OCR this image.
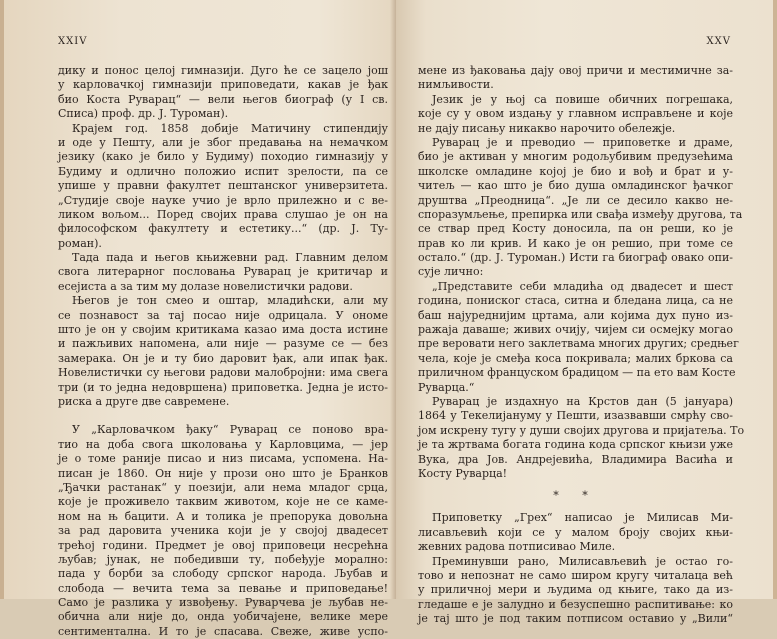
XXIV
дику и понос целој гимназији. Дуго ће се зацело још
у карловачкој гимназији приповедати, какав је ђак
био Коста Руварац“ — вели његов биограф (у I св.
Списа) проф. др. Ј. Туроман).
Крајем год. 1858 добије Матичину стипендију
и оде у Пешту, али је због предавања на немачком
језику (како је било у Будиму) походио гимназију у
Будиму и одлично положио испит зрелости, па се
упише у правни факултет пештанског универзитета.
„Студије своје науке учио је врло прилежно и с ве-
ликом вољом... Поред својих права слушао је он на
философском факултету и естетику...“ (др. Ј. Ту-
роман).
Тада пада и његов књижевни рад. Главним делом
свога литерарног пословања Руварац је критичар и
есејиста а за тим му долазе новелистички радови.
Његов је тон смео и оштар, младићски, али му
се познавост за тај посао није одрицала. У ономе
што је он у својим критикама казао има доста истине
и пажљивих напомена, али није — разуме се — без
замерака. Он је и ту био даровит ђак, али ипак ђак.
Новелистички су његови радови малобројни: има свега
три (и то једна недовршена) приповетка. Једна је исто-
риска а друге две савремене.
У „Карловачком ђаку“ Руварац се поново вра-
тио на доба свога школовања у Карловцима, — јер
је о томе раније писао и низ писама, успомена. На-
писан је 1860. Он није у прози оно што је Бранков
„Ђачки растанак“ у поезији, али нема младог срца,
које је проживело таквим животом, које не се каме-
ном на њ бацити. А и толика је препорука довољна
за рад даровита ученика који је у својој двадесет
трећој години. Предмет је овој приповеци несрећна
љубав; јунак, не победивши ту, побеђује морално:
пада у борби за слободу српског народа. Љубав и
слобода — вечита тема за певање и приповедање!
Само је разлика у извођењу. Руварчева је љубав не-
обична али није до, онда уобичајене, велике мере
сентиментална. И то је спасава. Свеже, живе успо-
XXV
мене из ђаковања дају овој причи и местимичне за-
нимљивости.
Језик је у њој са повише обичних погрешака,
које су у овом издању у главном исправљене и које
не дају писању никакво нарочито обележје.
Руварац је и преводио — приповетке и драме,
био је активан у многим родољубивим предузећима
школске омладине којој је био и вођ и брат и у-
читељ — као што је био душа омладинског ђачког
друштва „Преодница“. „Је ли се десило какво не-
споразумљење, препирка или свађа између другова, та
се ствар пред Косту доносила, па он реши, ко је
прав ко ли крив. И како је он решио, при томе се
остало.“ (др. Ј. Туроман.) Исти га биограф овако опи-
сује лично:
„Представите себи младића од двадесет и шест
година, пониског стаса, ситна и бледана лица, са не
баш најуреднијим цртама, али којима дух пуно из-
ражаја даваше; живих очију, чијем си осмејку могао
пре веровати него заклетвама многих других; средњег
чела, које је смеђа коса покривала; малих бркова са
приличном француском брадицом — па ето вам Косте
Руварца.“
Руварац је издахнуо на Крстов дан (5 јануара)
1864 у Текелијануму у Пешти, изазвавши смрћу сво-
јом искрену тугу у души својих другова и пријатеља. То
је та жртвама богата година кода српског књизи уже
Вука, дра Јов. Андрејевића, Владимира Васића и
Косту Руварца!
* *
Приповетку „Грех“ написао је Милисав Ми-
лисављевић који се у малом броју својих књи-
жевних радова потписивао Миле.
Преминувши рано, Милисављевић је остао го-
тово и непознат не само широм кругу читалаца већ
у приличној мери и људима од књиге, тако да из-
гледаше е је залудно и безуспешно распитивање: ко
је тај што је под таким потписом оставио у „Вили“
